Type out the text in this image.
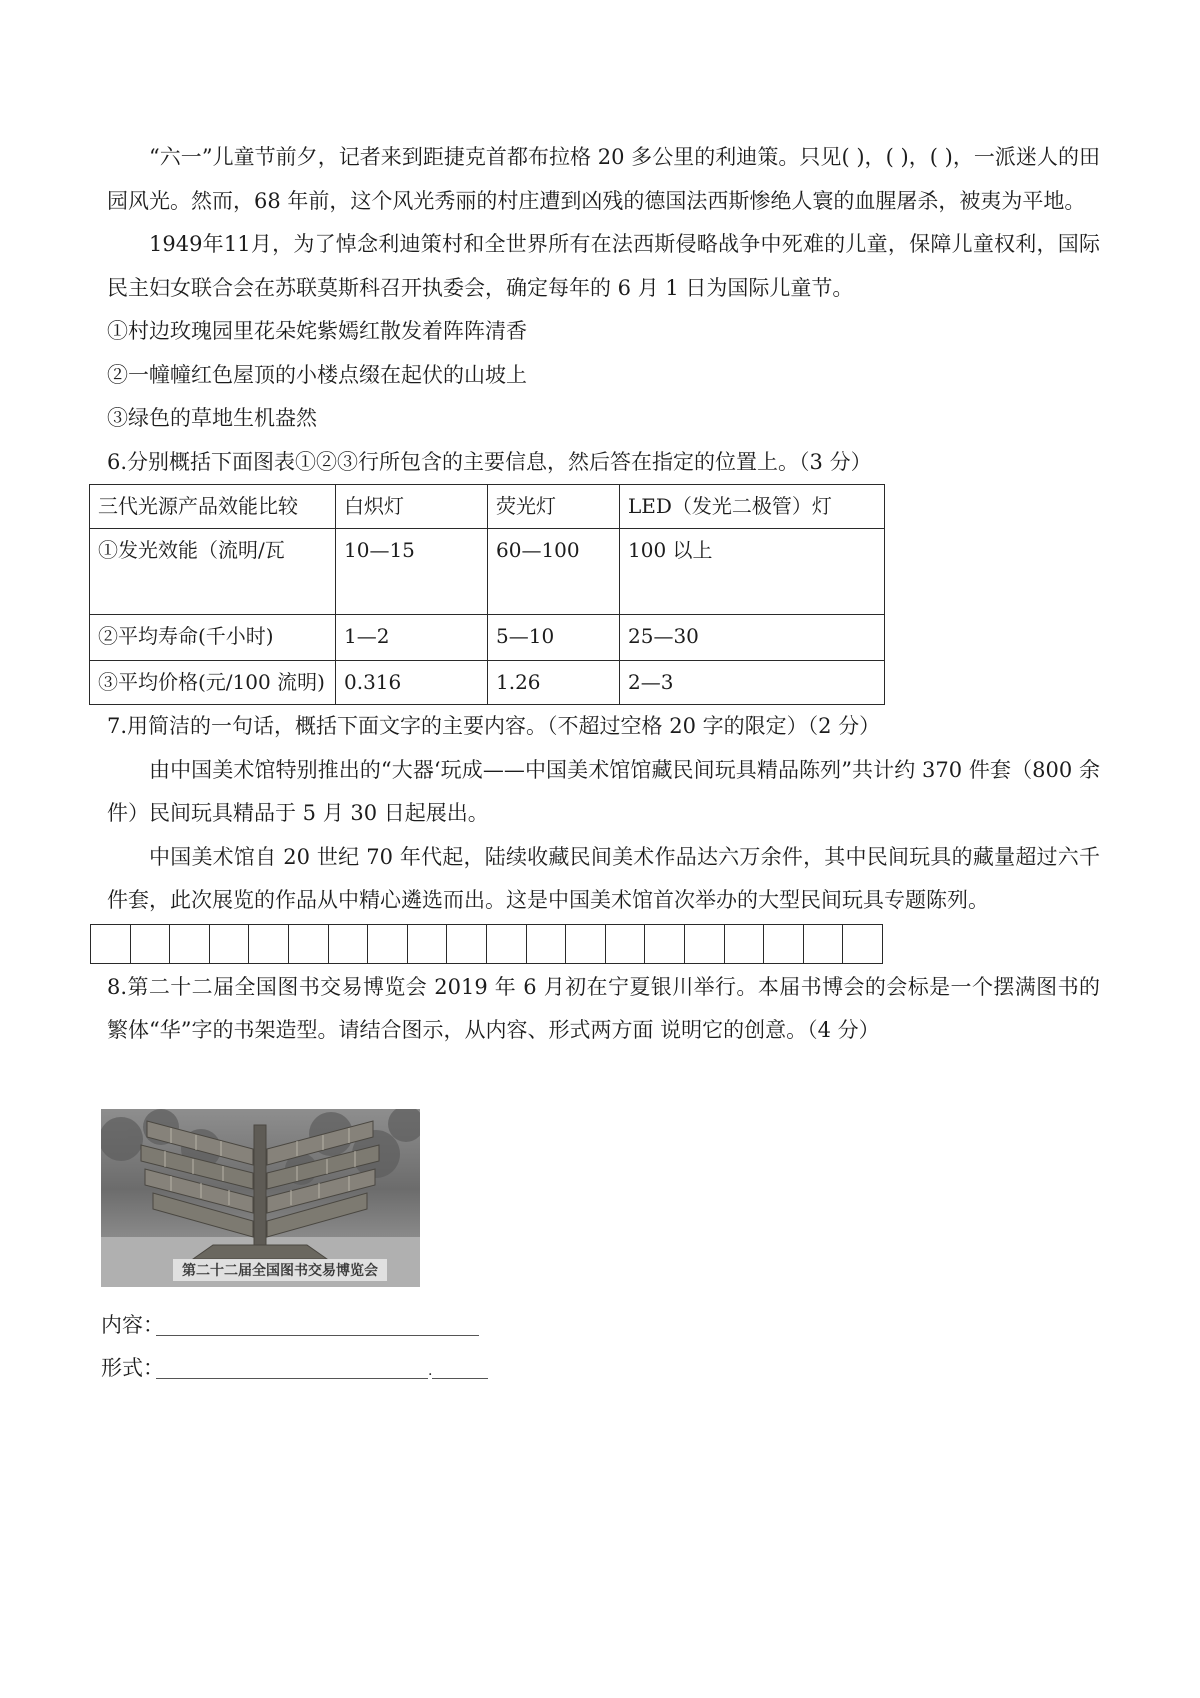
“六一”儿童节前夕，记者来到距捷克首都布拉格 20 多公里的利迪策。只见( )，( )，( )，一派迷人的田园风光。然而，68 年前，这个风光秀丽的村庄遭到凶残的德国法西斯惨绝人寰的血腥屠杀，被夷为平地。

1949年11月，为了悼念利迪策村和全世界所有在法西斯侵略战争中死难的儿童，保障儿童权利，国际民主妇女联合会在苏联莫斯科召开执委会，确定每年的 6 月 1 日为国际儿童节。

①村边玫瑰园里花朵姹紫嫣红散发着阵阵清香

②一幢幢红色屋顶的小楼点缀在起伏的山坡上

③绿色的草地生机盎然

6.分别概括下面图表①②③行所包含的主要信息，然后答在指定的位置上。（3 分）

三代光源产品效能比较	白炽灯	荧光灯	LED（发光二极管）灯
①发光效能（流明/瓦	10—15	60—100	100 以上
②平均寿命(千小时)	1—2	5—10	25—30
③平均价格(元/100 流明)	0.316	1.26	2—3

7.用简洁的一句话，概括下面文字的主要内容。（不超过空格 20 字的限定）（2 分）

由中国美术馆特别推出的“大器‘玩成——中国美术馆馆藏民间玩具精品陈列”共计约 370 件套（800 余件）民间玩具精品于 5 月 30 日起展出。

中国美术馆自 20 世纪 70 年代起，陆续收藏民间美术作品达六万余件，其中民间玩具的藏量超过六千件套，此次展览的作品从中精心遴选而出。这是中国美术馆首次举办的大型民间玩具专题陈列。

8.第二十二届全国图书交易博览会 2019 年 6 月初在宁夏银川举行。本届书博会的会标是一个摆满图书的繁体“华”字的书架造型。请结合图示，从内容、形式两方面 说明它的创意。（4 分）

第二十二届全国图书交易博览会

内容：

形式：	.
